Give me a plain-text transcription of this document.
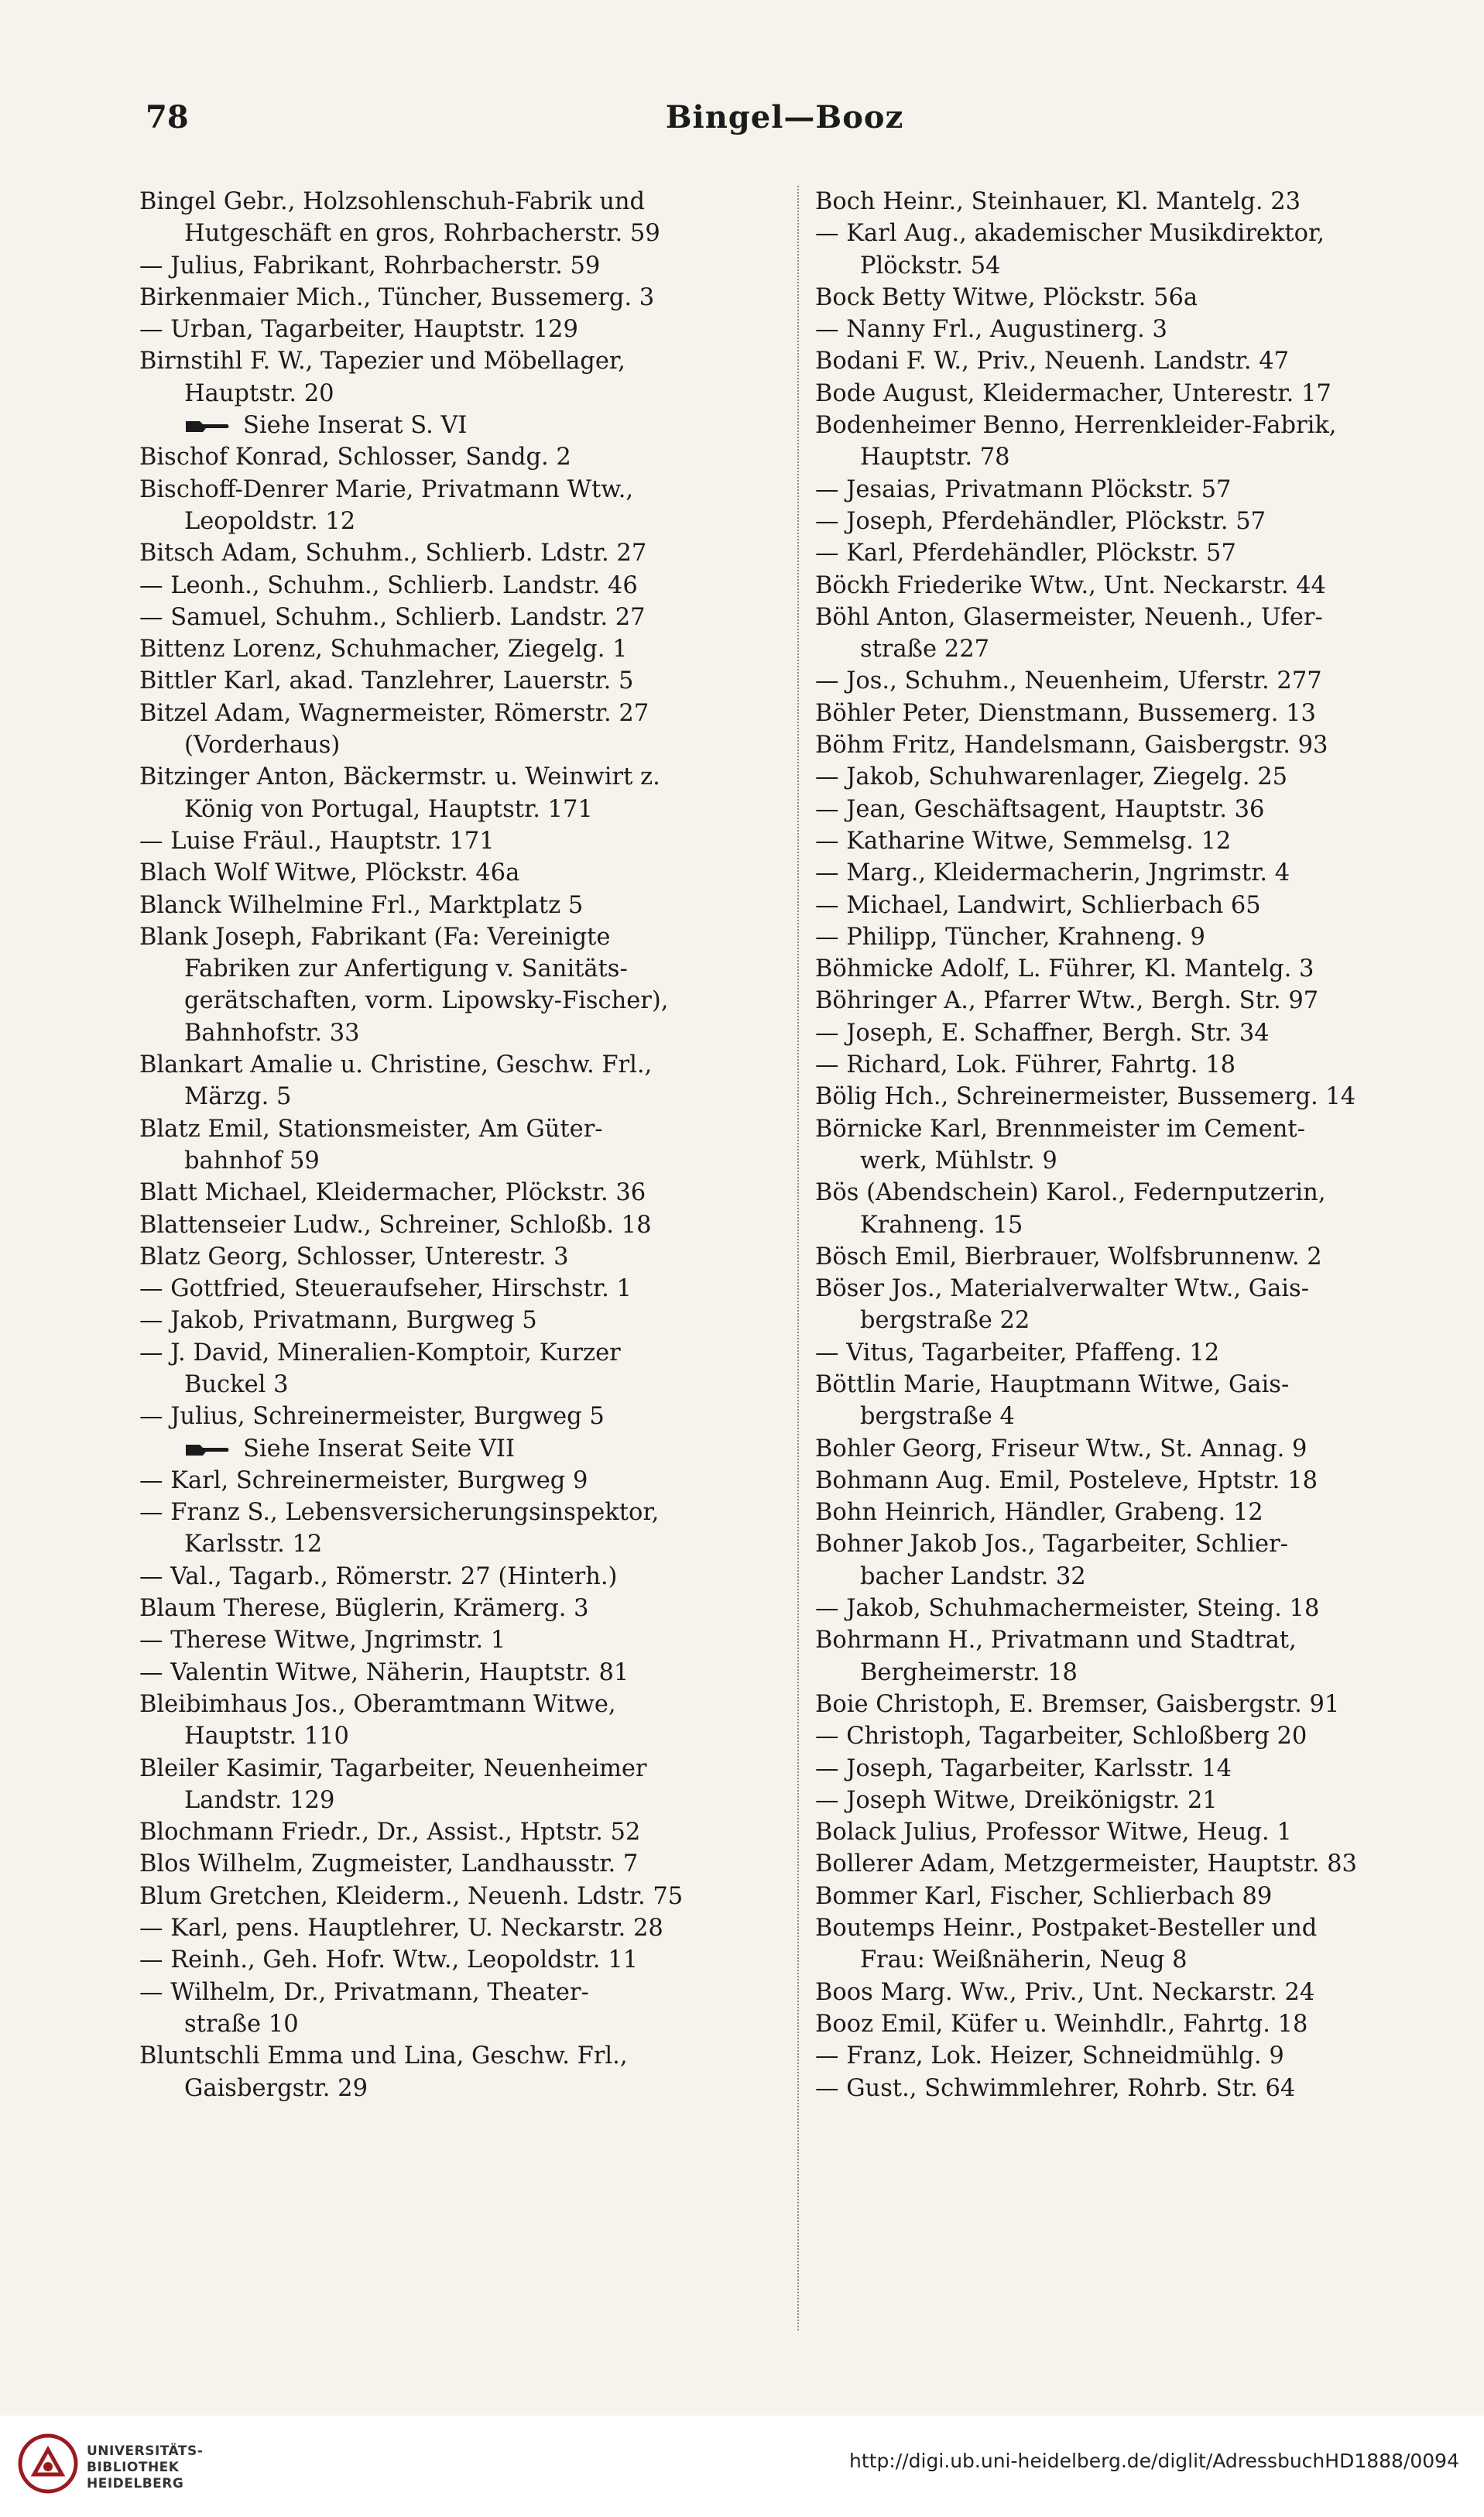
78	Bingel—Booz
Bingel Gebr., Holzsohlenschuh-Fabrik und
Hutgeschäft en gros, Rohrbacherstr. 59
— Julius, Fabrikant, Rohrbacherstr. 59
Birkenmaier Mich., Tüncher, Bussemerg. 3
— Urban, Tagarbeiter, Hauptstr. 129
Birnstihl F. W., Tapezier und Möbellager,
Hauptstr. 20
Siehe Inserat S. VI
Bischof Konrad, Schlosser, Sandg. 2
Bischoff-Denrer Marie, Privatmann Wtw.,
Leopoldstr. 12
Bitsch Adam, Schuhm., Schlierb. Ldstr. 27
— Leonh., Schuhm., Schlierb. Landstr. 46
— Samuel, Schuhm., Schlierb. Landstr. 27
Bittenz Lorenz, Schuhmacher, Ziegelg. 1
Bittler Karl, akad. Tanzlehrer, Lauerstr. 5
Bitzel Adam, Wagnermeister, Römerstr. 27
(Vorderhaus)
Bitzinger Anton, Bäckermstr. u. Weinwirt z.
König von Portugal, Hauptstr. 171
— Luise Fräul., Hauptstr. 171
Blach Wolf Witwe, Plöckstr. 46a
Blanck Wilhelmine Frl., Marktplatz 5
Blank Joseph, Fabrikant (Fa: Vereinigte
Fabriken zur Anfertigung v. Sanitäts-
gerätschaften, vorm. Lipowsky-Fischer),
Bahnhofstr. 33
Blankart Amalie u. Christine, Geschw. Frl.,
Märzg. 5
Blatz Emil, Stationsmeister, Am Güter-
bahnhof 59
Blatt Michael, Kleidermacher, Plöckstr. 36
Blattenseier Ludw., Schreiner, Schloßb. 18
Blatz Georg, Schlosser, Unterestr. 3
— Gottfried, Steueraufseher, Hirschstr. 1
— Jakob, Privatmann, Burgweg 5
— J. David, Mineralien-Komptoir, Kurzer
Buckel 3
— Julius, Schreinermeister, Burgweg 5
Siehe Inserat Seite VII
— Karl, Schreinermeister, Burgweg 9
— Franz S., Lebensversicherungsinspektor,
Karlsstr. 12
— Val., Tagarb., Römerstr. 27 (Hinterh.)
Blaum Therese, Büglerin, Krämerg. 3
— Therese Witwe, Jngrimstr. 1
— Valentin Witwe, Näherin, Hauptstr. 81
Bleibimhaus Jos., Oberamtmann Witwe,
Hauptstr. 110
Bleiler Kasimir, Tagarbeiter, Neuenheimer
Landstr. 129
Blochmann Friedr., Dr., Assist., Hptstr. 52
Blos Wilhelm, Zugmeister, Landhausstr. 7
Blum Gretchen, Kleiderm., Neuenh. Ldstr. 75
— Karl, pens. Hauptlehrer, U. Neckarstr. 28
— Reinh., Geh. Hofr. Wtw., Leopoldstr. 11
— Wilhelm, Dr., Privatmann, Theater-
straße 10
Bluntschli Emma und Lina, Geschw. Frl.,
Gaisbergstr. 29
Boch Heinr., Steinhauer, Kl. Mantelg. 23
— Karl Aug., akademischer Musikdirektor,
Plöckstr. 54
Bock Betty Witwe, Plöckstr. 56a
— Nanny Frl., Augustinerg. 3
Bodani F. W., Priv., Neuenh. Landstr. 47
Bode August, Kleidermacher, Unterestr. 17
Bodenheimer Benno, Herrenkleider-Fabrik,
Hauptstr. 78
— Jesaias, Privatmann Plöckstr. 57
— Joseph, Pferdehändler, Plöckstr. 57
— Karl, Pferdehändler, Plöckstr. 57
Böckh Friederike Wtw., Unt. Neckarstr. 44
Böhl Anton, Glasermeister, Neuenh., Ufer-
straße 227
— Jos., Schuhm., Neuenheim, Uferstr. 277
Böhler Peter, Dienstmann, Bussemerg. 13
Böhm Fritz, Handelsmann, Gaisbergstr. 93
— Jakob, Schuhwarenlager, Ziegelg. 25
— Jean, Geschäftsagent, Hauptstr. 36
— Katharine Witwe, Semmelsg. 12
— Marg., Kleidermacherin, Jngrimstr. 4
— Michael, Landwirt, Schlierbach 65
— Philipp, Tüncher, Krahneng. 9
Böhmicke Adolf, L. Führer, Kl. Mantelg. 3
Böhringer A., Pfarrer Wtw., Bergh. Str. 97
— Joseph, E. Schaffner, Bergh. Str. 34
— Richard, Lok. Führer, Fahrtg. 18
Bölig Hch., Schreinermeister, Bussemerg. 14
Börnicke Karl, Brennmeister im Cement-
werk, Mühlstr. 9
Bös (Abendschein) Karol., Federnputzerin,
Krahneng. 15
Bösch Emil, Bierbrauer, Wolfsbrunnenw. 2
Böser Jos., Materialverwalter Wtw., Gais-
bergstraße 22
— Vitus, Tagarbeiter, Pfaffeng. 12
Böttlin Marie, Hauptmann Witwe, Gais-
bergstraße 4
Bohler Georg, Friseur Wtw., St. Annag. 9
Bohmann Aug. Emil, Posteleve, Hptstr. 18
Bohn Heinrich, Händler, Grabeng. 12
Bohner Jakob Jos., Tagarbeiter, Schlier-
bacher Landstr. 32
— Jakob, Schuhmachermeister, Steing. 18
Bohrmann H., Privatmann und Stadtrat,
Bergheimerstr. 18
Boie Christoph, E. Bremser, Gaisbergstr. 91
— Christoph, Tagarbeiter, Schloßberg 20
— Joseph, Tagarbeiter, Karlsstr. 14
— Joseph Witwe, Dreikönigstr. 21
Bolack Julius, Professor Witwe, Heug. 1
Bollerer Adam, Metzgermeister, Hauptstr. 83
Bommer Karl, Fischer, Schlierbach 89
Boutemps Heinr., Postpaket-Besteller und
Frau: Weißnäherin, Neug 8
Boos Marg. Ww., Priv., Unt. Neckarstr. 24
Booz Emil, Küfer u. Weinhdlr., Fahrtg. 18
— Franz, Lok. Heizer, Schneidmühlg. 9
— Gust., Schwimmlehrer, Rohrb. Str. 64
UNIVERSITÄTS-
BIBLIOTHEK
HEIDELBERG
http://digi.ub.uni-heidelberg.de/diglit/AdressbuchHD1888/0094
